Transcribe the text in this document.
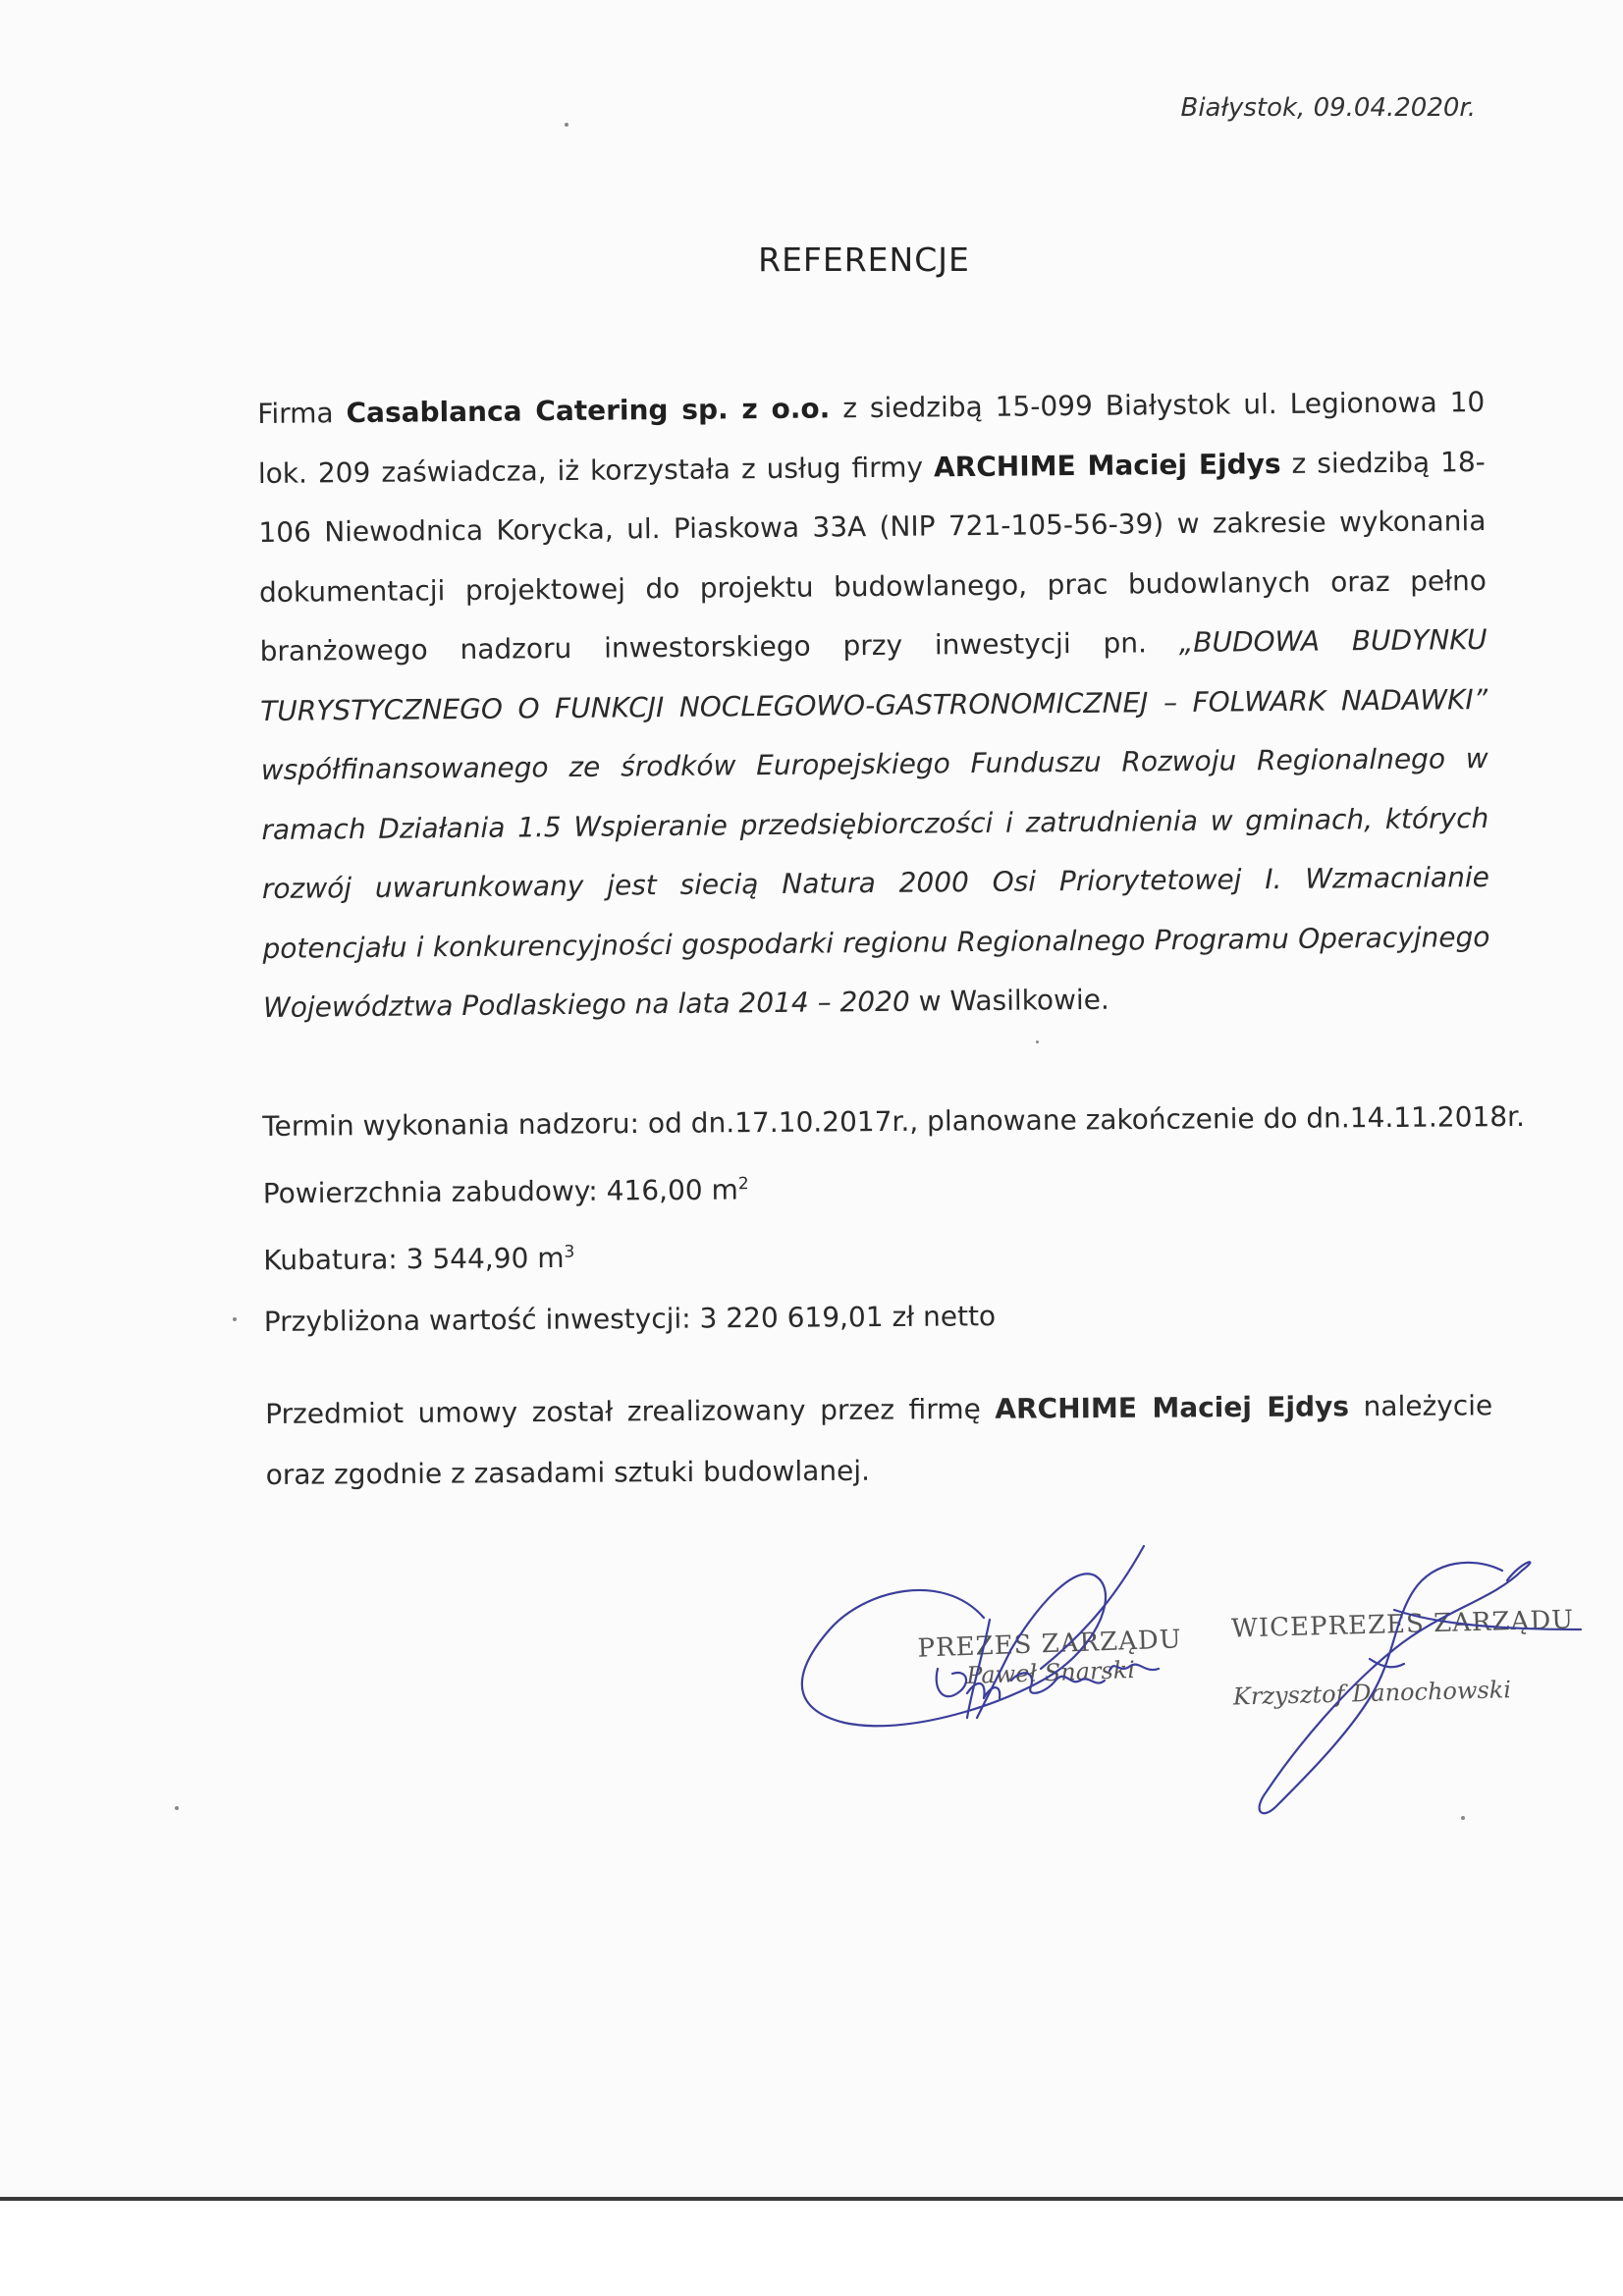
Białystok, 09.04.2020r.
REFERENCJE
Firma Casablanca Catering sp. z o.o. z siedzibą 15-099 Białystok ul. Legionowa 10 lok. 209 zaświadcza, iż korzystała z usług firmy ARCHIME Maciej Ejdys z siedzibą 18-106 Niewodnica Korycka, ul. Piaskowa 33A (NIP 721-105-56-39) w zakresie wykonania dokumentacji projektowej do projektu budowlanego, prac budowlanych oraz pełno branżowego nadzoru inwestorskiego przy inwestycji pn. „BUDOWA BUDYNKU TURYSTYCZNEGO O FUNKCJI NOCLEGOWO-GASTRONOMICZNEJ – FOLWARK NADAWKI” współfinansowanego ze środków Europejskiego Funduszu Rozwoju Regionalnego w ramach Działania 1.5 Wspieranie przedsiębiorczości i zatrudnienia w gminach, których rozwój uwarunkowany jest siecią Natura 2000 Osi Priorytetowej I. Wzmacnianie potencjału i konkurencyjności gospodarki regionu Regionalnego Programu Operacyjnego Województwa Podlaskiego na lata 2014 – 2020 w Wasilkowie.
Termin wykonania nadzoru: od dn.17.10.2017r., planowane zakończenie do dn.14.11.2018r.
Powierzchnia zabudowy: 416,00 $m^2$
Kubatura: 3 544,90 $m^3$
Przybliżona wartość inwestycji: 3 220 619,01 zł netto
Przedmiot umowy został zrealizowany przez firmę ARCHIME Maciej Ejdys należycie oraz zgodnie z zasadami sztuki budowlanej.
PREZES ZARZĄDU
Paweł Snarski
WICEPREZES ZARZĄDU
Krzysztof Danochowski
